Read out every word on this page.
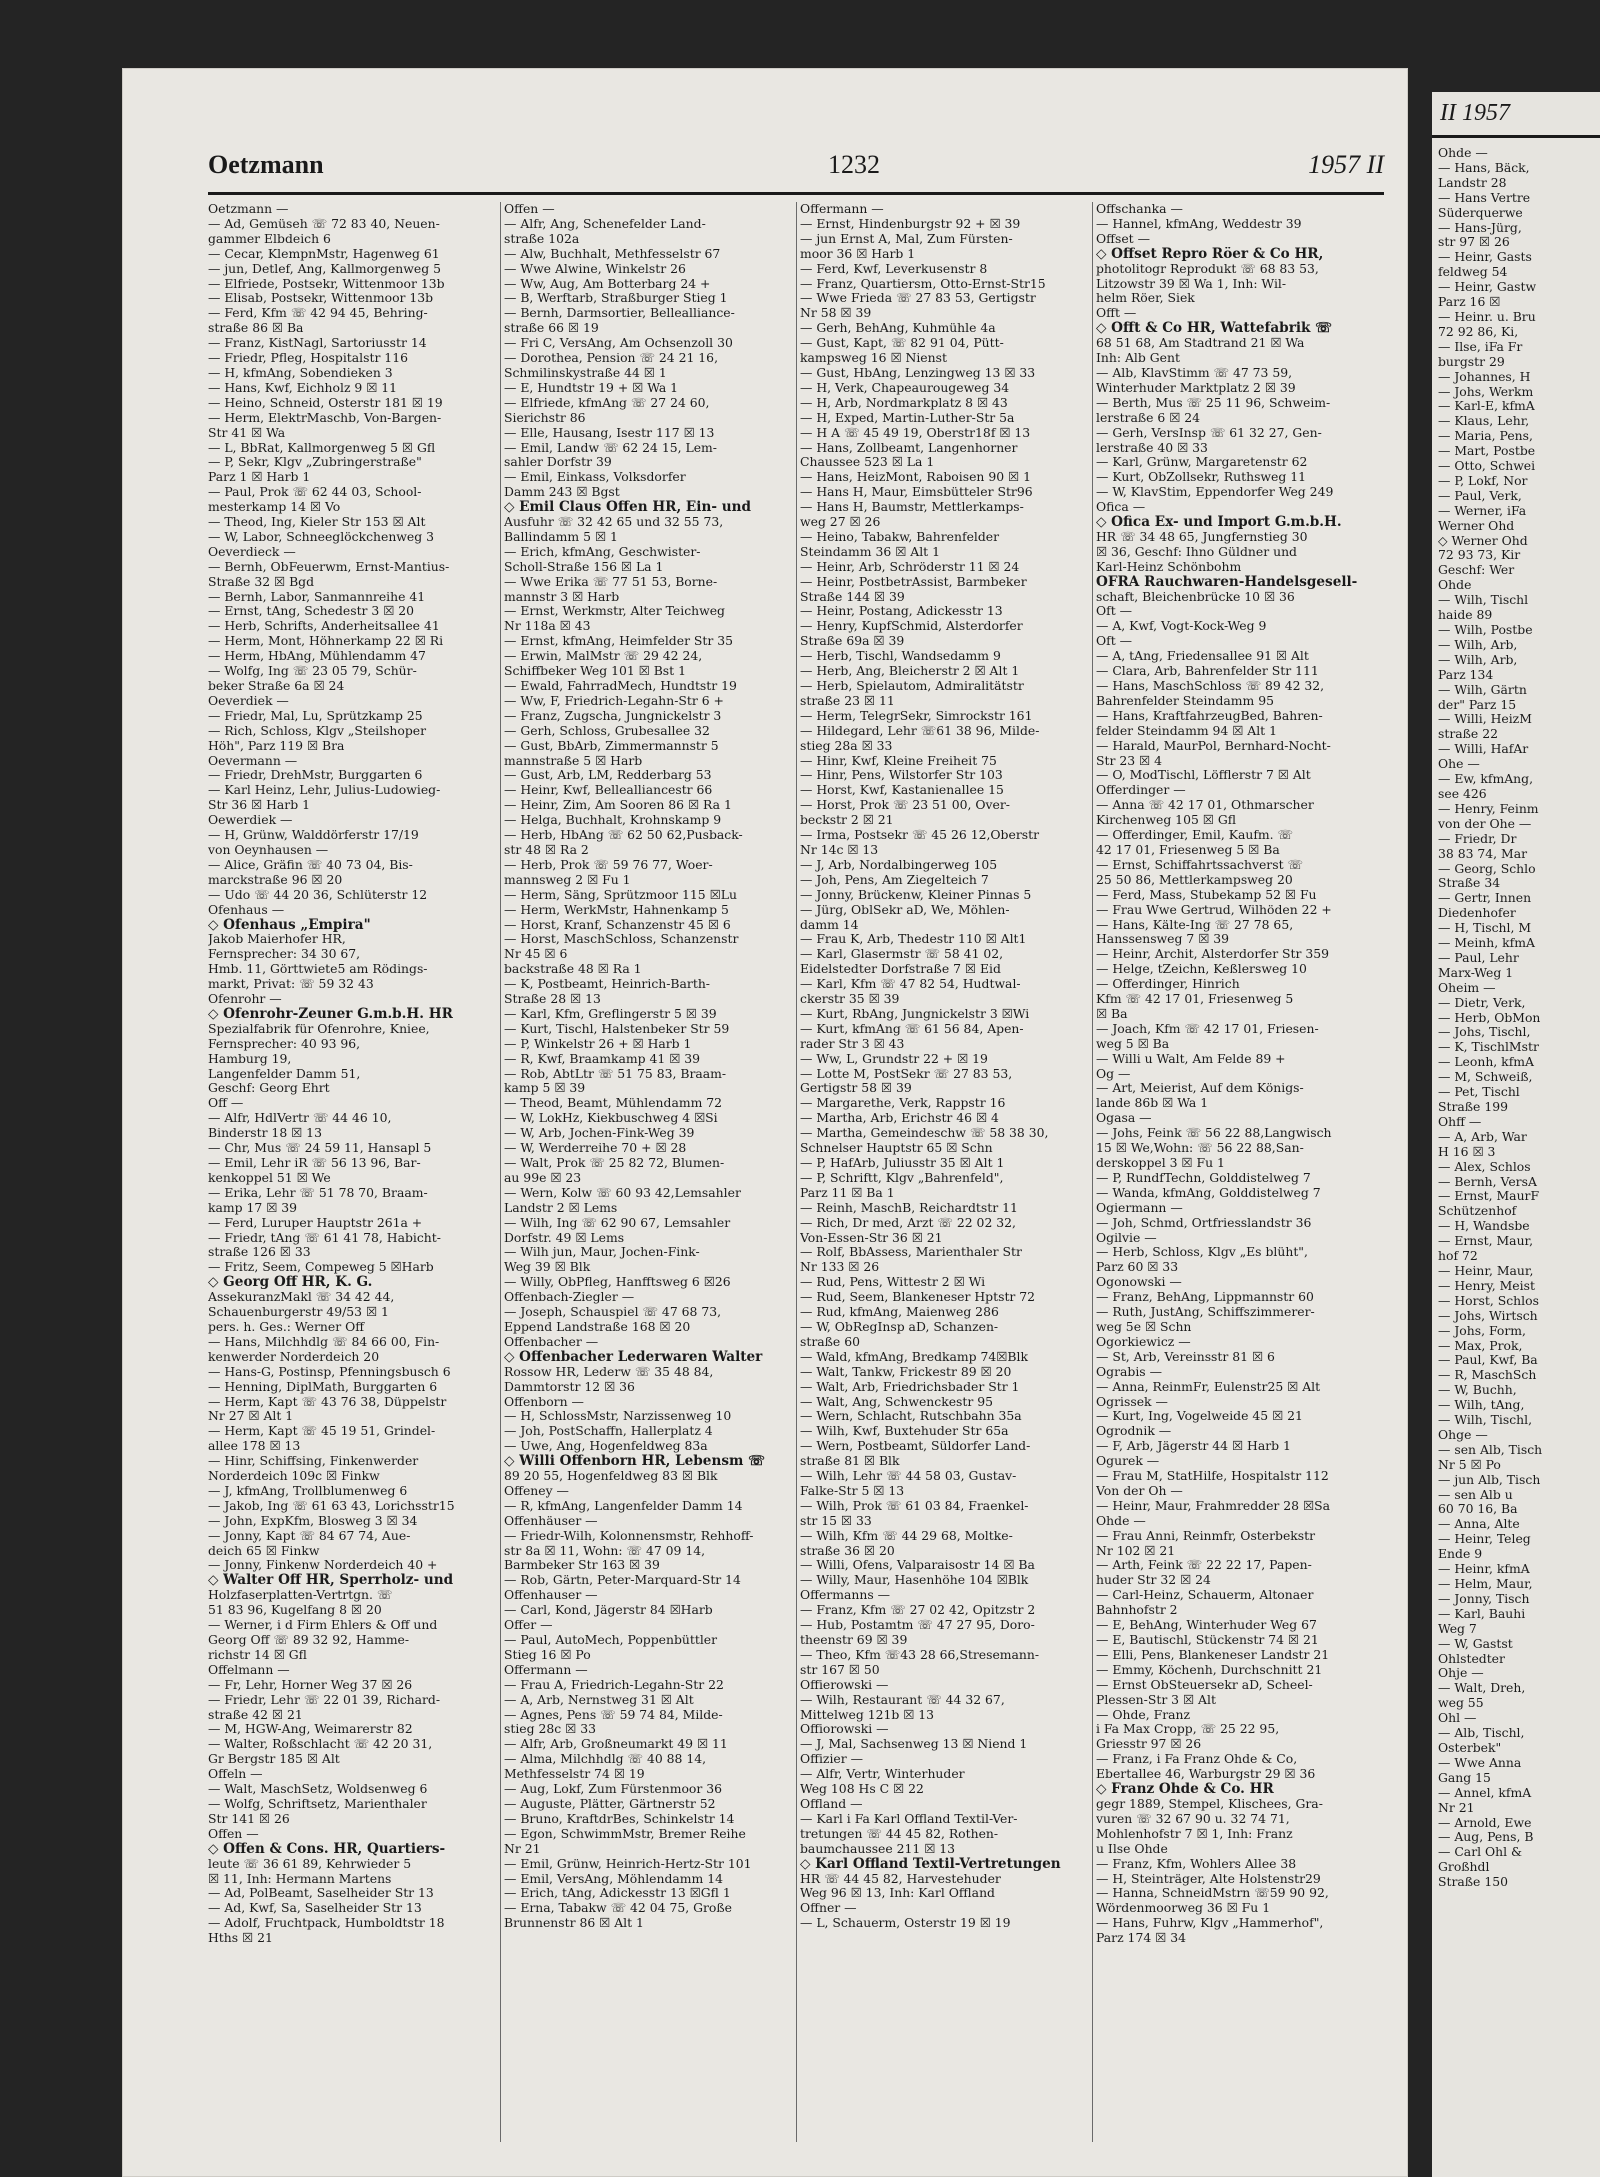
Oetzmann	1232	1957 II
Oetzmann —
— Ad, Gemüseh ☏ 72 83 40, Neuen-
gammer Elbdeich 6
— Cecar, KlempnMstr, Hagenweg 61
— jun, Detlef, Ang, Kallmorgenweg 5
— Elfriede, Postsekr, Wittenmoor 13b
— Elisab, Postsekr, Wittenmoor 13b
— Ferd, Kfm ☏ 42 94 45, Behring-
straße 86 ☒ Ba
— Franz, KistNagl, Sartoriusstr 14
— Friedr, Pfleg, Hospitalstr 116
— H, kfmAng, Sobendieken 3
— Hans, Kwf, Eichholz 9 ☒ 11
— Heino, Schneid, Osterstr 181 ☒ 19
— Herm, ElektrMaschb, Von-Bargen-
Str 41 ☒ Wa
— L, BbRat, Kallmorgenweg 5 ☒ Gfl
— P, Sekr, Klgv „Zubringerstraße"
Parz 1 ☒ Harb 1
— Paul, Prok ☏ 62 44 03, School-
mesterkamp 14 ☒ Vo
— Theod, Ing, Kieler Str 153 ☒ Alt
— W, Labor, Schneeglöckchenweg 3
Oeverdieck —
— Bernh, ObFeuerwm, Ernst-Mantius-
Straße 32 ☒ Bgd
— Bernh, Labor, Sanmannreihe 41
— Ernst, tAng, Schedestr 3 ☒ 20
— Herb, Schrifts, Anderheitsallee 41
— Herm, Mont, Höhnerkamp 22 ☒ Ri
— Herm, HbAng, Mühlendamm 47
— Wolfg, Ing ☏ 23 05 79, Schür-
beker Straße 6a ☒ 24
Oeverdiek —
— Friedr, Mal, Lu, Sprützkamp 25
— Rich, Schloss, Klgv „Steilshoper
Höh", Parz 119 ☒ Bra
Oevermann —
— Friedr, DrehMstr, Burggarten 6
— Karl Heinz, Lehr, Julius-Ludowieg-
Str 36 ☒ Harb 1
Oewerdiek —
— H, Grünw, Walddörferstr 17/19
von Oeynhausen —
— Alice, Gräfin ☏ 40 73 04, Bis-
marckstraße 96 ☒ 20
— Udo ☏ 44 20 36, Schlüterstr 12
Ofenhaus —
◇ Ofenhaus „Empira"
Jakob Maierhofer HR,
Fernsprecher: 34 30 67,
Hmb. 11, Görttwiete5 am Rödings-
markt, Privat: ☏ 59 32 43
Ofenrohr —
◇ Ofenrohr-Zeuner G.m.b.H. HR
Spezialfabrik für Ofenrohre, Kniee,
Fernsprecher: 40 93 96,
Hamburg 19,
Langenfelder Damm 51,
Geschf: Georg Ehrt
Off —
— Alfr, HdlVertr ☏ 44 46 10,
Binderstr 18 ☒ 13
— Chr, Mus ☏ 24 59 11, Hansapl 5
— Emil, Lehr iR ☏ 56 13 96, Bar-
kenkoppel 51 ☒ We
— Erika, Lehr ☏ 51 78 70, Braam-
kamp 17 ☒ 39
— Ferd, Luruper Hauptstr 261a +
— Friedr, tAng ☏ 61 41 78, Habicht-
straße 126 ☒ 33
— Fritz, Seem, Compeweg 5 ☒Harb
◇ Georg Off HR, K. G.
AssekuranzMakl ☏ 34 42 44,
Schauenburgerstr 49/53 ☒ 1
pers. h. Ges.: Werner Off
— Hans, Milchhdlg ☏ 84 66 00, Fin-
kenwerder Norderdeich 20
— Hans-G, Postinsp, Pfenningsbusch 6
— Henning, DiplMath, Burggarten 6
— Herm, Kapt ☏ 43 76 38, Düppelstr
Nr 27 ☒ Alt 1
— Herm, Kapt ☏ 45 19 51, Grindel-
allee 178 ☒ 13
— Hinr, Schiffsing, Finkenwerder
Norderdeich 109c ☒ Finkw
— J, kfmAng, Trollblumenweg 6
— Jakob, Ing ☏ 61 63 43, Lorichsstr15
— John, ExpKfm, Blosweg 3 ☒ 34
— Jonny, Kapt ☏ 84 67 74, Aue-
deich 65 ☒ Finkw
— Jonny, Finkenw Norderdeich 40 +
◇ Walter Off HR, Sperrholz- und
Holzfaserplatten-Vertrtgn. ☏
51 83 96, Kugelfang 8 ☒ 20
— Werner, i d Firm Ehlers & Off und
Georg Off ☏ 89 32 92, Hamme-
richstr 14 ☒ Gfl
Offelmann —
— Fr, Lehr, Horner Weg 37 ☒ 26
— Friedr, Lehr ☏ 22 01 39, Richard-
straße 42 ☒ 21
— M, HGW-Ang, Weimarerstr 82
— Walter, Roßschlacht ☏ 42 20 31,
Gr Bergstr 185 ☒ Alt
Offeln —
— Walt, MaschSetz, Woldsenweg 6
— Wolfg, Schriftsetz, Marienthaler
Str 141 ☒ 26
Offen —
◇ Offen & Cons. HR, Quartiers-
leute ☏ 36 61 89, Kehrwieder 5
☒ 11, Inh: Hermann Martens
— Ad, PolBeamt, Saselheider Str 13
— Ad, Kwf, Sa, Saselheider Str 13
— Adolf, Fruchtpack, Humboldtstr 18
Hths ☒ 21
Offen —
— Alfr, Ang, Schenefelder Land-
straße 102a
— Alw, Buchhalt, Methfesselstr 67
— Wwe Alwine, Winkelstr 26
— Ww, Aug, Am Botterbarg 24 +
— B, Werftarb, Straßburger Stieg 1
— Bernh, Darmsortier, Bellealliance-
straße 66 ☒ 19
— Fri C, VersAng, Am Ochsenzoll 30
— Dorothea, Pension ☏ 24 21 16,
Schmilinskystraße 44 ☒ 1
— E, Hundtstr 19 + ☒ Wa 1
— Elfriede, kfmAng ☏ 27 24 60,
Sierichstr 86
— Elle, Hausang, Isestr 117 ☒ 13
— Emil, Landw ☏ 62 24 15, Lem-
sahler Dorfstr 39
— Emil, Einkass, Volksdorfer
Damm 243 ☒ Bgst
◇ Emil Claus Offen HR, Ein- und
Ausfuhr ☏ 32 42 65 und 32 55 73,
Ballindamm 5 ☒ 1
— Erich, kfmAng, Geschwister-
Scholl-Straße 156 ☒ La 1
— Wwe Erika ☏ 77 51 53, Borne-
mannstr 3 ☒ Harb
— Ernst, Werkmstr, Alter Teichweg
Nr 118a ☒ 43
— Ernst, kfmAng, Heimfelder Str 35
— Erwin, MalMstr ☏ 29 42 24,
Schiffbeker Weg 101 ☒ Bst 1
— Ewald, FahrradMech, Hundtstr 19
— Ww, F, Friedrich-Legahn-Str 6 +
— Franz, Zugscha, Jungnickelstr 3
— Gerh, Schloss, Grubesallee 32
— Gust, BbArb, Zimmermannstr 5
mannstraße 5 ☒ Harb
— Gust, Arb, LM, Redderbarg 53
— Heinr, Kwf, Bellealliancestr 66
— Heinr, Zim, Am Sooren 86 ☒ Ra 1
— Helga, Buchhalt, Krohnskamp 9
— Herb, HbAng ☏ 62 50 62,Pusback-
str 48 ☒ Ra 2
— Herb, Prok ☏ 59 76 77, Woer-
mannsweg 2 ☒ Fu 1
— Herm, Säng, Sprützmoor 115 ☒Lu
— Herm, WerkMstr, Hahnenkamp 5
— Horst, Kranf, Schanzenstr 45 ☒ 6
— Horst, MaschSchloss, Schanzenstr
Nr 45 ☒ 6
backstraße 48 ☒ Ra 1
— K, Postbeamt, Heinrich-Barth-
Straße 28 ☒ 13
— Karl, Kfm, Greflingerstr 5 ☒ 39
— Kurt, Tischl, Halstenbeker Str 59
— P, Winkelstr 26 + ☒ Harb 1
— R, Kwf, Braamkamp 41 ☒ 39
— Rob, AbtLtr ☏ 51 75 83, Braam-
kamp 5 ☒ 39
— Theod, Beamt, Mühlendamm 72
— W, LokHz, Kiekbuschweg 4 ☒Si
— W, Arb, Jochen-Fink-Weg 39
— W, Werderreihe 70 + ☒ 28
— Walt, Prok ☏ 25 82 72, Blumen-
au 99e ☒ 23
— Wern, Kolw ☏ 60 93 42,Lemsahler
Landstr 2 ☒ Lems
— Wilh, Ing ☏ 62 90 67, Lemsahler
Dorfstr. 49 ☒ Lems
— Wilh jun, Maur, Jochen-Fink-
Weg 39 ☒ Blk
— Willy, ObPfleg, Hanfftsweg 6 ☒26
Offenbach-Ziegler —
— Joseph, Schauspiel ☏ 47 68 73,
Eppend Landstraße 168 ☒ 20
Offenbacher —
◇ Offenbacher Lederwaren Walter
Rossow HR, Lederw ☏ 35 48 84,
Dammtorstr 12 ☒ 36
Offenborn —
— H, SchlossMstr, Narzissenweg 10
— Joh, PostSchaffn, Hallerplatz 4
— Uwe, Ang, Hogenfeldweg 83a
◇ Willi Offenborn HR, Lebensm ☏
89 20 55, Hogenfeldweg 83 ☒ Blk
Offeney —
— R, kfmAng, Langenfelder Damm 14
Offenhäuser —
— Friedr-Wilh, Kolonnensmstr, Rehhoff-
str 8a ☒ 11, Wohn: ☏ 47 09 14,
Barmbeker Str 163 ☒ 39
— Rob, Gärtn, Peter-Marquard-Str 14
Offenhauser —
— Carl, Kond, Jägerstr 84 ☒Harb
Offer —
— Paul, AutoMech, Poppenbüttler
Stieg 16 ☒ Po
Offermann —
— Frau A, Friedrich-Legahn-Str 22
— A, Arb, Nernstweg 31 ☒ Alt
— Agnes, Pens ☏ 59 74 84, Milde-
stieg 28c ☒ 33
— Alfr, Arb, Großneumarkt 49 ☒ 11
— Alma, Milchhdlg ☏ 40 88 14,
Methfesselstr 74 ☒ 19
— Aug, Lokf, Zum Fürstenmoor 36
— Auguste, Plätter, Gärtnerstr 52
— Bruno, KraftdrBes, Schinkelstr 14
— Egon, SchwimmMstr, Bremer Reihe
Nr 21
— Emil, Grünw, Heinrich-Hertz-Str 101
— Emil, VersAng, Möhlendamm 14
— Erich, tAng, Adickesstr 13 ☒Gfl 1
— Erna, Tabakw ☏ 42 04 75, Große
Brunnenstr 86 ☒ Alt 1
Offermann —
— Ernst, Hindenburgstr 92 + ☒ 39
— jun Ernst A, Mal, Zum Fürsten-
moor 36 ☒ Harb 1
— Ferd, Kwf, Leverkusenstr 8
— Franz, Quartiersm, Otto-Ernst-Str15
— Wwe Frieda ☏ 27 83 53, Gertigstr
Nr 58 ☒ 39
— Gerh, BehAng, Kuhmühle 4a
— Gust, Kapt, ☏ 82 91 04, Pütt-
kampsweg 16 ☒ Nienst
— Gust, HbAng, Lenzingweg 13 ☒ 33
— H, Verk, Chapeaurougeweg 34
— H, Arb, Nordmarkplatz 8 ☒ 43
— H, Exped, Martin-Luther-Str 5a
— H A ☏ 45 49 19, Oberstr18f ☒ 13
— Hans, Zollbeamt, Langenhorner
Chaussee 523 ☒ La 1
— Hans, HeizMont, Raboisen 90 ☒ 1
— Hans H, Maur, Eimsbütteler Str96
— Hans H, Baumstr, Mettlerkamps-
weg 27 ☒ 26
— Heino, Tabakw, Bahrenfelder
Steindamm 36 ☒ Alt 1
— Heinr, Arb, Schröderstr 11 ☒ 24
— Heinr, PostbetrAssist, Barmbeker
Straße 144 ☒ 39
— Heinr, Postang, Adickesstr 13
— Henry, KupfSchmid, Alsterdorfer
Straße 69a ☒ 39
— Herb, Tischl, Wandsedamm 9
— Herb, Ang, Bleicherstr 2 ☒ Alt 1
— Herb, Spielautom, Admiralitätstr
straße 23 ☒ 11
— Herm, TelegrSekr, Simrockstr 161
— Hildegard, Lehr ☏61 38 96, Milde-
stieg 28a ☒ 33
— Hinr, Kwf, Kleine Freiheit 75
— Hinr, Pens, Wilstorfer Str 103
— Horst, Kwf, Kastanienallee 15
— Horst, Prok ☏ 23 51 00, Over-
beckstr 2 ☒ 21
— Irma, Postsekr ☏ 45 26 12,Oberstr
Nr 14c ☒ 13
— J, Arb, Nordalbingerweg 105
— Joh, Pens, Am Ziegelteich 7
— Jonny, Brückenw, Kleiner Pinnas 5
— Jürg, OblSekr aD, We, Möhlen-
damm 14
— Frau K, Arb, Thedestr 110 ☒ Alt1
— Karl, Glasermstr ☏ 58 41 02,
Eidelstedter Dorfstraße 7 ☒ Eid
— Karl, Kfm ☏ 47 82 54, Hudtwal-
ckerstr 35 ☒ 39
— Kurt, RbAng, Jungnickelstr 3 ☒Wi
— Kurt, kfmAng ☏ 61 56 84, Apen-
rader Str 3 ☒ 43
— Ww, L, Grundstr 22 + ☒ 19
— Lotte M, PostSekr ☏ 27 83 53,
Gertigstr 58 ☒ 39
— Margarethe, Verk, Rappstr 16
— Martha, Arb, Erichstr 46 ☒ 4
— Martha, Gemeindeschw ☏ 58 38 30,
Schnelser Hauptstr 65 ☒ Schn
— P, HafArb, Juliusstr 35 ☒ Alt 1
— P, Schriftt, Klgv „Bahrenfeld",
Parz 11 ☒ Ba 1
— Reinh, MaschB, Reichardtstr 11
— Rich, Dr med, Arzt ☏ 22 02 32,
Von-Essen-Str 36 ☒ 21
— Rolf, BbAssess, Marienthaler Str
Nr 133 ☒ 26
— Rud, Pens, Wittestr 2 ☒ Wi
— Rud, Seem, Blankeneser Hptstr 72
— Rud, kfmAng, Maienweg 286
— W, ObRegInsp aD, Schanzen-
straße 60
— Wald, kfmAng, Bredkamp 74☒Blk
— Walt, Tankw, Frickestr 89 ☒ 20
— Walt, Arb, Friedrichsbader Str 1
— Walt, Ang, Schwenckestr 95
— Wern, Schlacht, Rutschbahn 35a
— Wilh, Kwf, Buxtehuder Str 65a
— Wern, Postbeamt, Süldorfer Land-
straße 81 ☒ Blk
— Wilh, Lehr ☏ 44 58 03, Gustav-
Falke-Str 5 ☒ 13
— Wilh, Prok ☏ 61 03 84, Fraenkel-
str 15 ☒ 33
— Wilh, Kfm ☏ 44 29 68, Moltke-
straße 36 ☒ 20
— Willi, Ofens, Valparaisostr 14 ☒ Ba
— Willy, Maur, Hasenhöhe 104 ☒Blk
Offermanns —
— Franz, Kfm ☏ 27 02 42, Opitzstr 2
— Hub, Postamtm ☏ 47 27 95, Doro-
theenstr 69 ☒ 39
— Theo, Kfm ☏43 28 66,Stresemann-
str 167 ☒ 50
Offierowski —
— Wilh, Restaurant ☏ 44 32 67,
Mittelweg 121b ☒ 13
Offiorowski —
— J, Mal, Sachsenweg 13 ☒ Niend 1
Offizier —
— Alfr, Vertr, Winterhuder
Weg 108 Hs C ☒ 22
Offland —
— Karl i Fa Karl Offland Textil-Ver-
tretungen ☏ 44 45 82, Rothen-
baumchaussee 211 ☒ 13
◇ Karl Offland Textil-Vertretungen
HR ☏ 44 45 82, Harvestehuder
Weg 96 ☒ 13, Inh: Karl Offland
Offner —
— L, Schauerm, Osterstr 19 ☒ 19
Offschanka —
— Hannel, kfmAng, Weddestr 39
Offset —
◇ Offset Repro Röer & Co HR,
photolitogr Reprodukt ☏ 68 83 53,
Litzowstr 39 ☒ Wa 1, Inh: Wil-
helm Röer, Siek
Offt —
◇ Offt & Co HR, Wattefabrik ☏
68 51 68, Am Stadtrand 21 ☒ Wa
Inh: Alb Gent
— Alb, KlavStimm ☏ 47 73 59,
Winterhuder Marktplatz 2 ☒ 39
— Berth, Mus ☏ 25 11 96, Schweim-
lerstraße 6 ☒ 24
— Gerh, VersInsp ☏ 61 32 27, Gen-
lerstraße 40 ☒ 33
— Karl, Grünw, Margaretenstr 62
— Kurt, ObZollsekr, Ruthsweg 11
— W, KlavStim, Eppendorfer Weg 249
Ofica —
◇ Ofica Ex- und Import G.m.b.H.
HR ☏ 34 48 65, Jungfernstieg 30
☒ 36, Geschf: Ihno Güldner und
Karl-Heinz Schönbohm
OFRA Rauchwaren-Handelsgesell-
schaft, Bleichenbrücke 10 ☒ 36
Oft —
— A, Kwf, Vogt-Kock-Weg 9
Oft —
— A, tAng, Friedensallee 91 ☒ Alt
— Clara, Arb, Bahrenfelder Str 111
— Hans, MaschSchloss ☏ 89 42 32,
Bahrenfelder Steindamm 95
— Hans, KraftfahrzeugBed, Bahren-
felder Steindamm 94 ☒ Alt 1
— Harald, MaurPol, Bernhard-Nocht-
Str 23 ☒ 4
— O, ModTischl, Löfflerstr 7 ☒ Alt
Offerdinger —
— Anna ☏ 42 17 01, Othmarscher
Kirchenweg 105 ☒ Gfl
— Offerdinger, Emil, Kaufm. ☏
42 17 01, Friesenweg 5 ☒ Ba
— Ernst, Schiffahrtssachverst ☏
25 50 86, Mettlerkampsweg 20
— Ferd, Mass, Stubekamp 52 ☒ Fu
— Frau Wwe Gertrud, Wilhöden 22 +
— Hans, Kälte-Ing ☏ 27 78 65,
Hanssensweg 7 ☒ 39
— Heinr, Archit, Alsterdorfer Str 359
— Helge, tZeichn, Keßlersweg 10
— Offerdinger, Hinrich
Kfm ☏ 42 17 01, Friesenweg 5
☒ Ba
— Joach, Kfm ☏ 42 17 01, Friesen-
weg 5 ☒ Ba
— Willi u Walt, Am Felde 89 +
Og —
— Art, Meierist, Auf dem Königs-
lande 86b ☒ Wa 1
Ogasa —
— Johs, Feink ☏ 56 22 88,Langwisch
15 ☒ We,Wohn: ☏ 56 22 88,San-
derskoppel 3 ☒ Fu 1
— P, RundfTechn, Golddistelweg 7
— Wanda, kfmAng, Golddistelweg 7
Ogiermann —
— Joh, Schmd, Ortfriesslandstr 36
Ogilvie —
— Herb, Schloss, Klgv „Es blüht",
Parz 60 ☒ 33
Ogonowski —
— Franz, BehAng, Lippmannstr 60
— Ruth, JustAng, Schiffszimmerer-
weg 5e ☒ Schn
Ogorkiewicz —
— St, Arb, Vereinsstr 81 ☒ 6
Ograbis —
— Anna, ReinmFr, Eulenstr25 ☒ Alt
Ogrissek —
— Kurt, Ing, Vogelweide 45 ☒ 21
Ogrodnik —
— F, Arb, Jägerstr 44 ☒ Harb 1
Ogurek —
— Frau M, StatHilfe, Hospitalstr 112
Von der Oh —
— Heinr, Maur, Frahmredder 28 ☒Sa
Ohde —
— Frau Anni, Reinmfr, Osterbekstr
Nr 102 ☒ 21
— Arth, Feink ☏ 22 22 17, Papen-
huder Str 32 ☒ 24
— Carl-Heinz, Schauerm, Altonaer
Bahnhofstr 2
— E, BehAng, Winterhuder Weg 67
— E, Bautischl, Stückenstr 74 ☒ 21
— Elli, Pens, Blankeneser Landstr 21
— Emmy, Köchenh, Durchschnitt 21
— Ernst ObSteuersekr aD, Scheel-
Plessen-Str 3 ☒ Alt
— Ohde, Franz
i Fa Max Cropp, ☏ 25 22 95,
Griesstr 97 ☒ 26
— Franz, i Fa Franz Ohde & Co,
Ebertallee 46, Warburgstr 29 ☒ 36
◇ Franz Ohde & Co. HR
gegr 1889, Stempel, Klischees, Gra-
vuren ☏ 32 67 90 u. 32 74 71,
Mohlenhofstr 7 ☒ 1, Inh: Franz
u Ilse Ohde
— Franz, Kfm, Wohlers Allee 38
— H, Steinträger, Alte Holstenstr29
— Hanna, SchneidMstrn ☏59 90 92,
Wördenmoorweg 36 ☒ Fu 1
— Hans, Fuhrw, Klgv „Hammerhof",
Parz 174 ☒ 34
II 1957
Ohde —
— Hans, Bäck,
Landstr 28
— Hans Vertre
Süderquerwe
— Hans-Jürg,
str 97 ☒ 26
— Heinr, Gasts
feldweg 54
— Heinr, Gastw
Parz 16 ☒
— Heinr. u. Bru
72 92 86, Ki,
— Ilse, iFa Fr
burgstr 29
— Johannes, H
— Johs, Werkm
— Karl-E, kfmA
— Klaus, Lehr,
— Maria, Pens,
— Mart, Postbe
— Otto, Schwei
— P, Lokf, Nor
— Paul, Verk,
— Werner, iFa
Werner Ohd
◇ Werner Ohd
72 93 73, Kir
Geschf: Wer
Ohde
— Wilh, Tischl
haide 89
— Wilh, Postbe
— Wilh, Arb,
— Wilh, Arb,
Parz 134
— Wilh, Gärtn
der" Parz 15
— Willi, HeizM
straße 22
— Willi, HafAr
Ohe —
— Ew, kfmAng,
see 426
— Henry, Feinm
von der Ohe —
— Friedr, Dr
38 83 74, Mar
— Georg, Schlo
Straße 34
— Gertr, Innen
Diedenhofer
— H, Tischl, M
— Meinh, kfmA
— Paul, Lehr
Marx-Weg 1
Oheim —
— Dietr, Verk,
— Herb, ObMon
— Johs, Tischl,
— K, TischlMstr
— Leonh, kfmA
— M, Schweiß,
— Pet, Tischl
Straße 199
Ohff —
— A, Arb, War
H 16 ☒ 3
— Alex, Schlos
— Bernh, VersA
— Ernst, MaurF
Schützenhof
— H, Wandsbe
— Ernst, Maur,
hof 72
— Heinr, Maur,
— Henry, Meist
— Horst, Schlos
— Johs, Wirtsch
— Johs, Form,
— Max, Prok,
— Paul, Kwf, Ba
— R, MaschSch
— W, Buchh,
— Wilh, tAng,
— Wilh, Tischl,
Ohge —
— sen Alb, Tisch
Nr 5 ☒ Po
— jun Alb, Tisch
— sen Alb u
60 70 16, Ba
— Anna, Alte
— Heinr, Teleg
Ende 9
— Heinr, kfmA
— Helm, Maur,
— Jonny, Tisch
— Karl, Bauhi
Weg 7
— W, Gastst
Ohlstedter
Ohje —
— Walt, Dreh,
weg 55
Ohl —
— Alb, Tischl,
Osterbek"
— Wwe Anna
Gang 15
— Annel, kfmA
Nr 21
— Arnold, Ewe
— Aug, Pens, B
— Carl Ohl &
Großhdl
Straße 150
